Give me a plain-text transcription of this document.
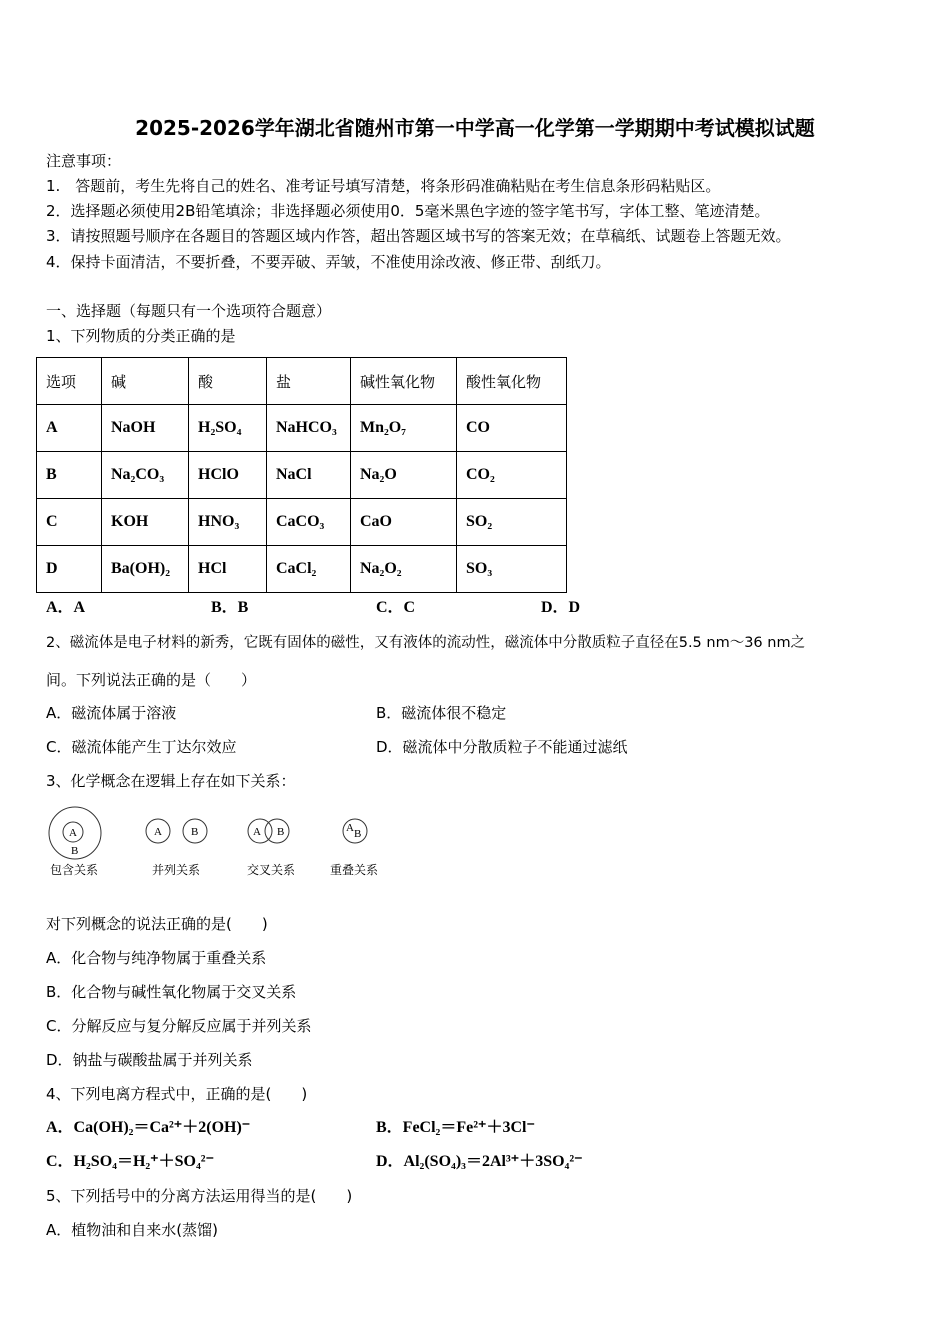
2025-2026学年湖北省随州市第一中学高一化学第一学期期中考试模拟试题
注意事项：
1.　答题前，考生先将自己的姓名、准考证号填写清楚，将条形码准确粘贴在考生信息条形码粘贴区。
2．选择题必须使用2B铅笔填涂；非选择题必须使用0．5毫米黑色字迹的签字笔书写，字体工整、笔迹清楚。
3．请按照题号顺序在各题目的答题区域内作答，超出答题区域书写的答案无效；在草稿纸、试题卷上答题无效。
4．保持卡面清洁，不要折叠，不要弄破、弄皱，不准使用涂改液、修正带、刮纸刀。
一、选择题（每题只有一个选项符合题意）
1、下列物质的分类正确的是
选项	碱	酸	盐	碱性氧化物	酸性氧化物
A	NaOH	H₂SO₄	NaHCO₃	Mn₂O₇	CO
B	Na₂CO₃	HClO	NaCl	Na₂O	CO₂
C	KOH	HNO₃	CaCO₃	CaO	SO₂
D	Ba(OH)₂	HCl	CaCl₂	Na₂O₂	SO₃
A．A	B．B	C．C	D．D
2、磁流体是电子材料的新秀，它既有固体的磁性，又有液体的流动性，磁流体中分散质粒子直径在5.5 nm～36 nm之
间。下列说法正确的是（　　）
A．磁流体属于溶液	B．磁流体很不稳定
C．磁流体能产生丁达尔效应	D．磁流体中分散质粒子不能通过滤纸
3、化学概念在逻辑上存在如下关系：
A
B
包含关系
A	B
并列关系
A B
交叉关系
A B
重叠关系
对下列概念的说法正确的是(　　)
A．化合物与纯净物属于重叠关系
B．化合物与碱性氧化物属于交叉关系
C．分解反应与复分解反应属于并列关系
D．钠盐与碳酸盐属于并列关系
4、下列电离方程式中，正确的是(　　)
A．Ca(OH)₂＝Ca²⁺＋2(OH)⁻	B．FeCl₂＝Fe²⁺＋3Cl⁻
C．H₂SO₄＝H₂⁺＋SO₄²⁻	D．Al₂(SO₄)₃＝2Al³⁺＋3SO₄²⁻
5、下列括号中的分离方法运用得当的是(　　)
A．植物油和自来水(蒸馏)
